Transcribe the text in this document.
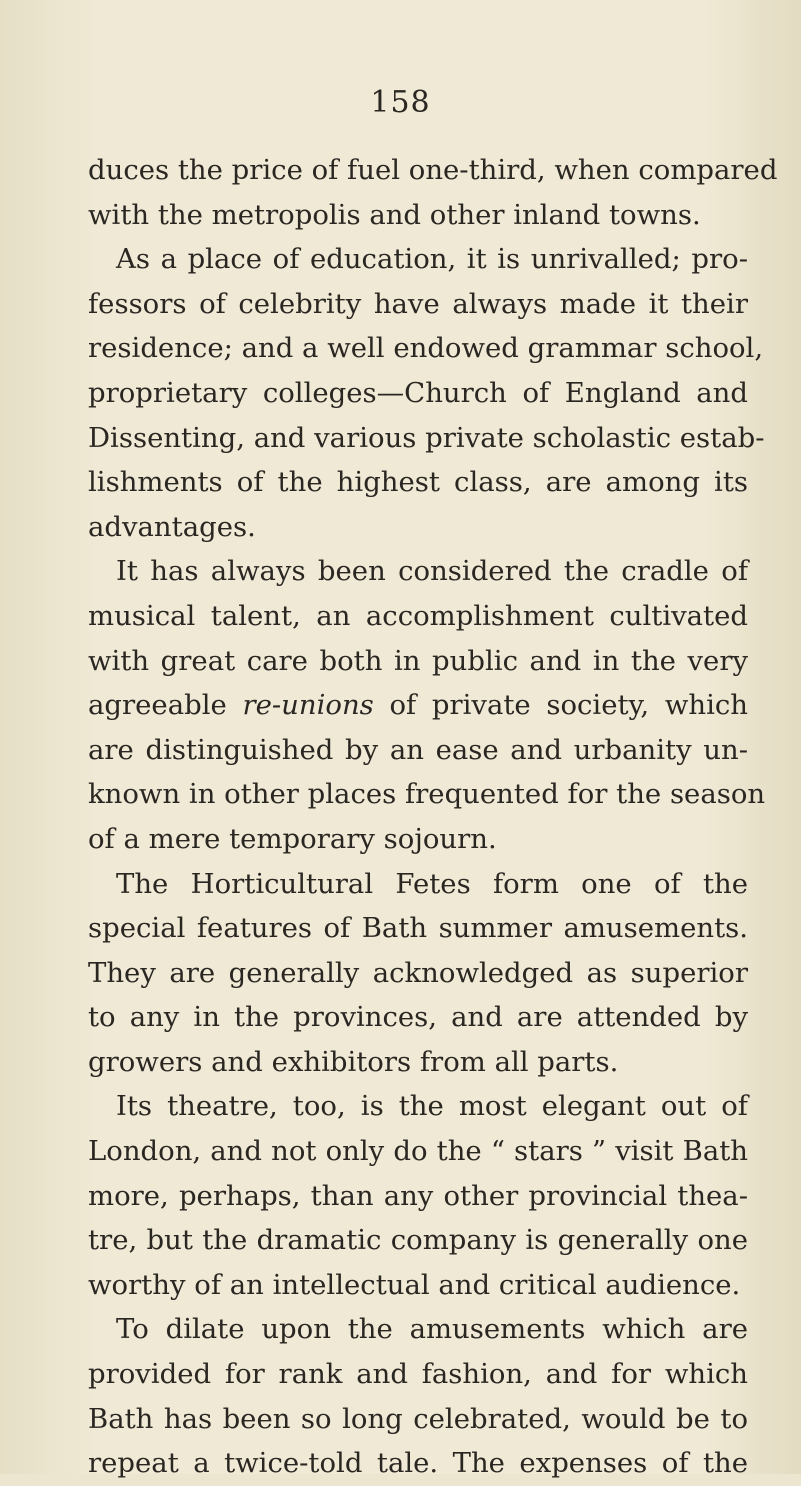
158
duces the price of fuel one-third, when compared
with the metropolis and other inland towns.
As a place of education, it is unrivalled; pro-
fessors of celebrity have always made it their
residence; and a well endowed grammar school,
proprietary colleges—Church of England and
Dissenting, and various private scholastic estab-
lishments of the highest class, are among its
advantages.
It has always been considered the cradle of
musical talent, an accomplishment cultivated
with great care both in public and in the very
agreeable re-unions of private society, which
are distinguished by an ease and urbanity un-
known in other places frequented for the season
of a mere temporary sojourn.
The Horticultural Fetes form one of the
special features of Bath summer amusements.
They are generally acknowledged as superior
to any in the provinces, and are attended by
growers and exhibitors from all parts.
Its theatre, too, is the most elegant out of
London, and not only do the “ stars ” visit Bath
more, perhaps, than any other provincial thea-
tre, but the dramatic company is generally one
worthy of an intellectual and critical audience.
To dilate upon the amusements which are
provided for rank and fashion, and for which
Bath has been so long celebrated, would be to
repeat a twice-told tale. The expenses of the
